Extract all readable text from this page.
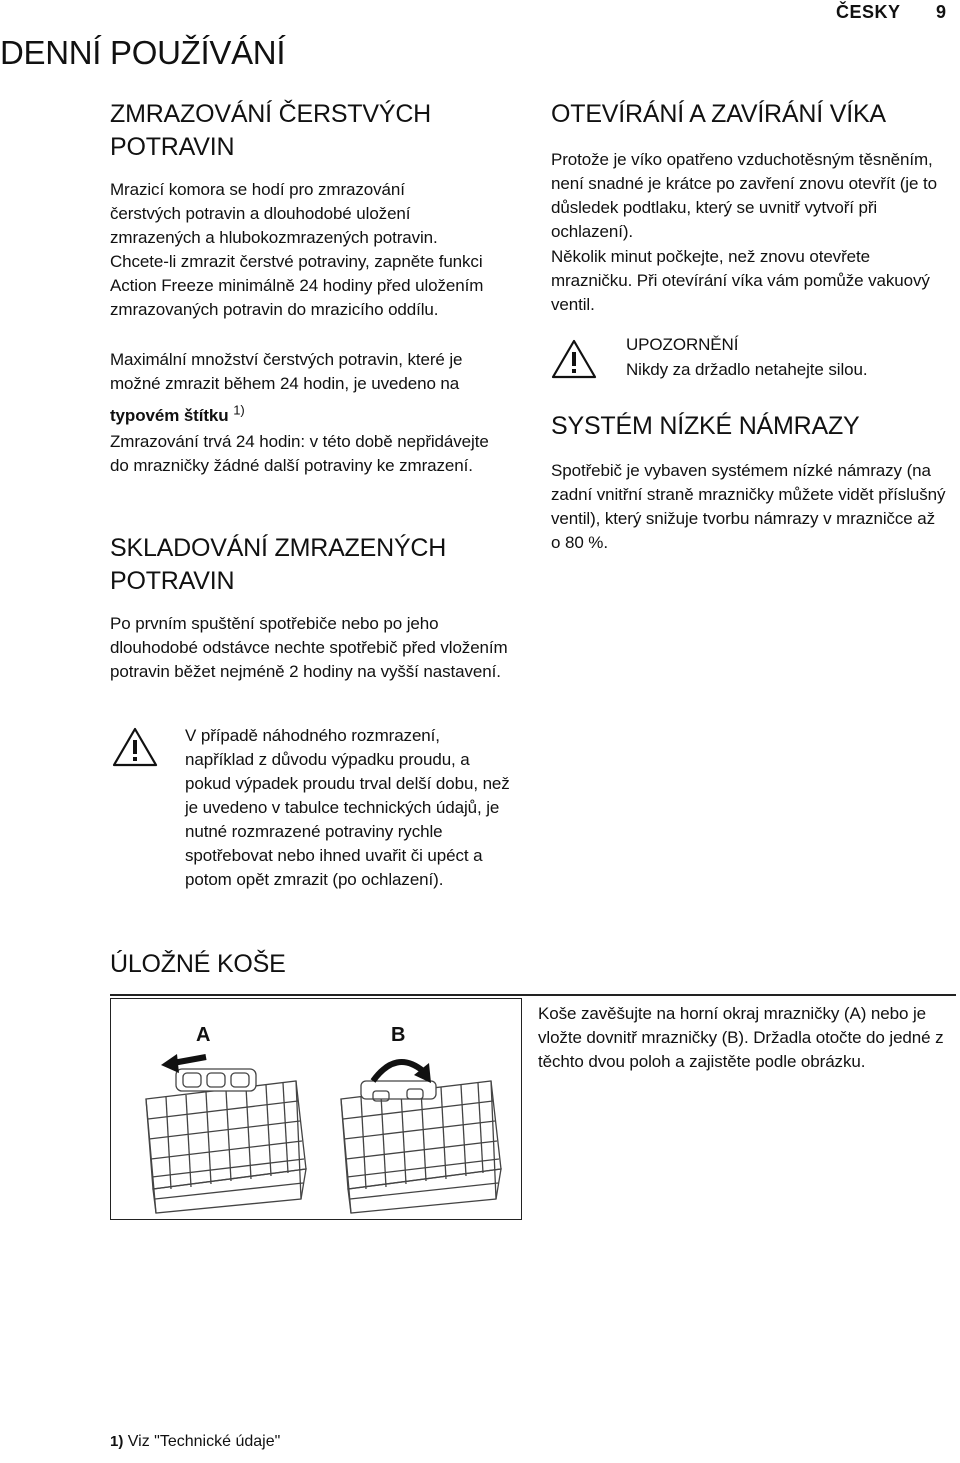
ČESKY 9
DENNÍ POUŽÍVÁNÍ
ZMRAZOVÁNÍ ČERSTVÝCH POTRAVIN

Mrazicí komora se hodí pro zmrazování čerstvých potravin a dlouhodobé uložení zmrazených a hlubokozmrazených potravin.

Chcete-li zmrazit čerstvé potraviny, zapněte funkci Action Freeze minimálně 24 hodiny před uložením zmrazovaných potravin do mrazicího oddílu.

Maximální množství čerstvých potravin, které je možné zmrazit během 24 hodin, je uvedeno na
typovém štítku $^{1)}$

Zmrazování trvá 24 hodin: v této době nepřidávejte do mrazničky žádné další potraviny ke zmrazení.

SKLADOVÁNÍ ZMRAZENÝCH POTRAVIN

Po prvním spuštění spotřebiče nebo po jeho dlouhodobé odstávce nechte spotřebič před vložením potravin běžet nejméně 2 hodiny na vyšší nastavení.

V případě náhodného rozmrazení, například z důvodu výpadku proudu, a pokud výpadek proudu trval delší dobu, než je uvedeno v tabulce technických údajů, je nutné rozmrazené potraviny rychle spotřebovat nebo ihned uvařit či upéct a potom opět zmrazit (po ochlazení).

OTEVÍRÁNÍ A ZAVÍRÁNÍ VÍKA

Protože je víko opatřeno vzduchotěsným těsněním, není snadné je krátce po zavření znovu otevřít (je to důsledek podtlaku, který se uvnitř vytvoří při ochlazení).

Několik minut počkejte, než znovu otevřete mrazničku. Při otevírání víka vám pomůže vakuový ventil.

UPOZORNĚNÍ
Nikdy za držadlo netahejte silou.
SYSTÉM NÍZKÉ NÁMRAZY

Spotřebič je vybaven systémem nízké námrazy (na zadní vnitřní straně mrazničky můžete vidět příslušný ventil), který snižuje tvorbu námrazy v mrazničce až o 80 %.

ÚLOŽNÉ KOŠE
A	B

Koše zavěšujte na horní okraj mrazničky (A) nebo je vložte dovnitř mrazničky (B). Držadla otočte do jedné z těchto dvou poloh a zajistěte podle obrázku.

1) Viz "Technické údaje"
